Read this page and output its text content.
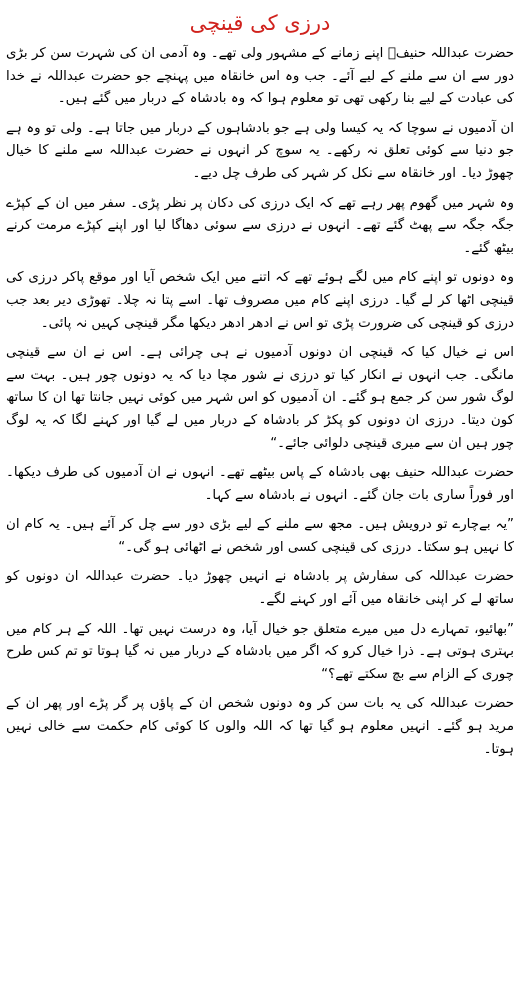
درزی کی قینچی

حضرت عبداللہ حنیفؒ اپنے زمانے کے مشہور ولی تھے۔ وہ آدمی ان کی شہرت سن کر بڑی دور سے ان سے ملنے کے لیے آئے۔ جب وہ اس خانقاہ میں پہنچے جو حضرت عبداللہ نے خدا کی عبادت کے لیے بنا رکھی تھی تو معلوم ہوا کہ وہ بادشاہ کے دربار میں گئے ہیں۔

ان آدمیوں نے سوچا کہ یہ کیسا ولی ہے جو بادشاہوں کے دربار میں جاتا ہے۔ ولی تو وہ ہے جو دنیا سے کوئی تعلق نہ رکھے۔ یہ سوچ کر انہوں نے حضرت عبداللہ سے ملنے کا خیال چھوڑ دیا۔ اور خانقاہ سے نکل کر شہر کی طرف چل دیے۔

وہ شہر میں گھوم پھر رہے تھے کہ ایک درزی کی دکان پر نظر پڑی۔ سفر میں ان کے کپڑے جگہ جگہ سے پھٹ گئے تھے۔ انہوں نے درزی سے سوئی دھاگا لیا اور اپنے کپڑے مرمت کرنے بیٹھ گئے۔

وہ دونوں تو اپنے کام میں لگے ہوئے تھے کہ اتنے میں ایک شخص آیا اور موقع پاکر درزی کی قینچی اٹھا کر لے گیا۔ درزی اپنے کام میں مصروف تھا۔ اسے پتا نہ چلا۔ تھوڑی دیر بعد جب درزی کو قینچی کی ضرورت پڑی تو اس نے ادھر ادھر دیکھا مگر قینچی کہیں نہ پائی۔

اس نے خیال کیا کہ قینچی ان دونوں آدمیوں نے ہی چرائی ہے۔ اس نے ان سے قینچی مانگی۔ جب انہوں نے انکار کیا تو درزی نے شور مچا دیا کہ یہ دونوں چور ہیں۔ بہت سے لوگ شور سن کر جمع ہو گئے۔ ان آدمیوں کو اس شہر میں کوئی نہیں جانتا تھا ان کا ساتھ کون دیتا۔ درزی ان دونوں کو پکڑ کر بادشاہ کے دربار میں لے گیا اور کہنے لگا کہ یہ لوگ چور ہیں ان سے میری قینچی دلوائی جائے۔“

حضرت عبداللہ حنیف بھی بادشاہ کے پاس بیٹھے تھے۔ انہوں نے ان آدمیوں کی طرف دیکھا۔ اور فوراً ساری بات جان گئے۔ انہوں نے بادشاہ سے کہا۔

”یہ بےچارے تو درویش ہیں۔ مجھ سے ملنے کے لیے بڑی دور سے چل کر آئے ہیں۔ یہ کام ان کا نہیں ہو سکتا۔ درزی کی قینچی کسی اور شخص نے اٹھائی ہو گی۔“

حضرت عبداللہ کی سفارش پر بادشاہ نے انہیں چھوڑ دیا۔ حضرت عبداللہ ان دونوں کو ساتھ لے کر اپنی خانقاہ میں آئے اور کہنے لگے۔

”بھائیو، تمہارے دل میں میرے متعلق جو خیال آیا، وہ درست نہیں تھا۔ اللہ کے ہر کام میں بہتری ہوتی ہے۔ ذرا خیال کرو کہ اگر میں بادشاہ کے دربار میں نہ گیا ہوتا تو تم کس طرح چوری کے الزام سے بچ سکتے تھے؟“

حضرت عبداللہ کی یہ بات سن کر وہ دونوں شخص ان کے پاؤں پر گر پڑے اور پھر ان کے مرید ہو گئے۔ انہیں معلوم ہو گیا تھا کہ اللہ والوں کا کوئی کام حکمت سے خالی نہیں ہوتا۔
